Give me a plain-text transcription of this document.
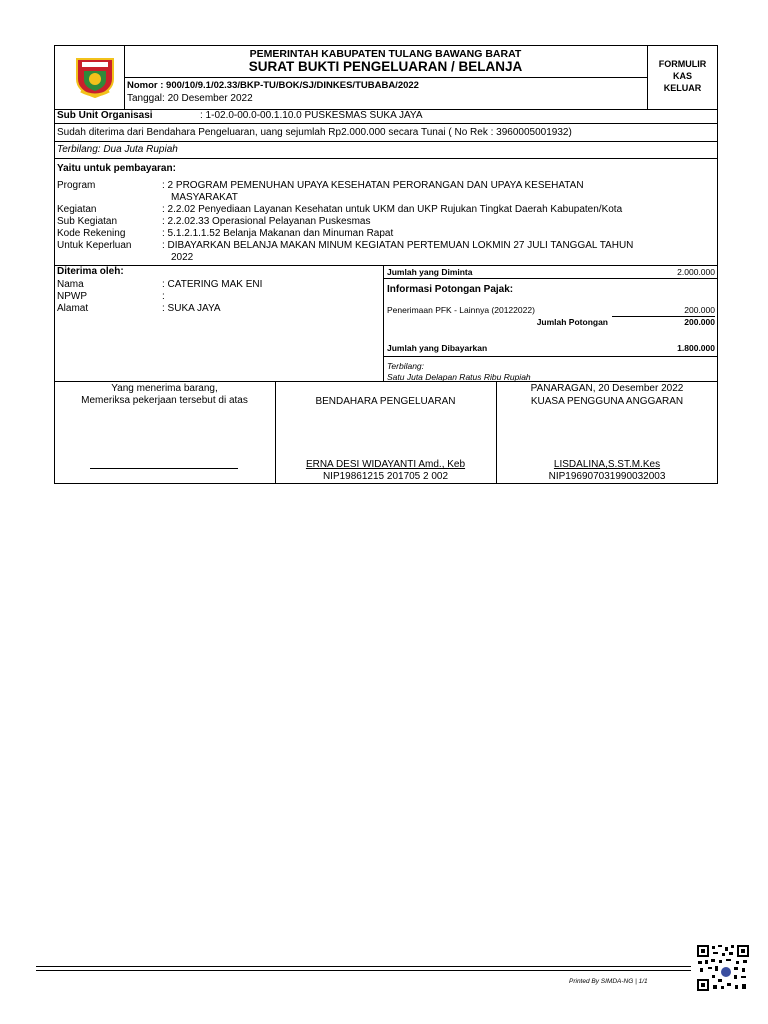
PEMERINTAH KABUPATEN TULANG BAWANG BARAT
SURAT BUKTI PENGELUARAN / BELANJA
Nomor : 900/10/9.1/02.33/BKP-TU/BOK/SJ/DINKES/TUBABA/2022
Tanggal: 20 Desember 2022
FORMULIR
KAS
KELUAR
Sub Unit Organisasi	: 1-02.0-00.0-00.1.10.0 PUSKESMAS SUKA JAYA
Sudah diterima dari Bendahara Pengeluaran, uang sejumlah Rp2.000.000 secara Tunai ( No Rek : 3960005001932)
Terbilang: Dua Juta Rupiah
Yaitu untuk pembayaran:
Program	: 2 PROGRAM PEMENUHAN UPAYA KESEHATAN PERORANGAN DAN UPAYA KESEHATAN
MASYARAKAT
Kegiatan	: 2.2.02 Penyediaan Layanan Kesehatan untuk UKM dan UKP Rujukan Tingkat Daerah Kabupaten/Kota
Sub Kegiatan	: 2.2.02.33 Operasional Pelayanan Puskesmas
Kode Rekening	: 5.1.2.1.1.52 Belanja Makanan dan Minuman Rapat
Untuk Keperluan	: DIBAYARKAN BELANJA MAKAN MINUM KEGIATAN PERTEMUAN LOKMIN 27 JULI TANGGAL TAHUN
2022
Diterima oleh:
Nama	: CATERING MAK ENI
NPWP	:
Alamat	: SUKA JAYA
Jumlah yang Diminta	2.000.000
Informasi Potongan Pajak:
Penerimaan PFK - Lainnya (20122022)	200.000
Jumlah Potongan	200.000
Jumlah yang Dibayarkan	1.800.000
Terbilang:
Satu Juta Delapan Ratus Ribu Rupiah
Yang menerima barang,
Memeriksa pekerjaan tersebut di atas	BENDAHARA PENGELUARAN
ERNA DESI WIDAYANTI Amd., Keb
NIP19861215 201705 2 002
PANARAGAN, 20 Desember 2022
KUASA PENGGUNA ANGGARAN
LISDALINA,S.ST.M.Kes
NIP196907031990032003
Printed By SIMDA-NG | 1/1
